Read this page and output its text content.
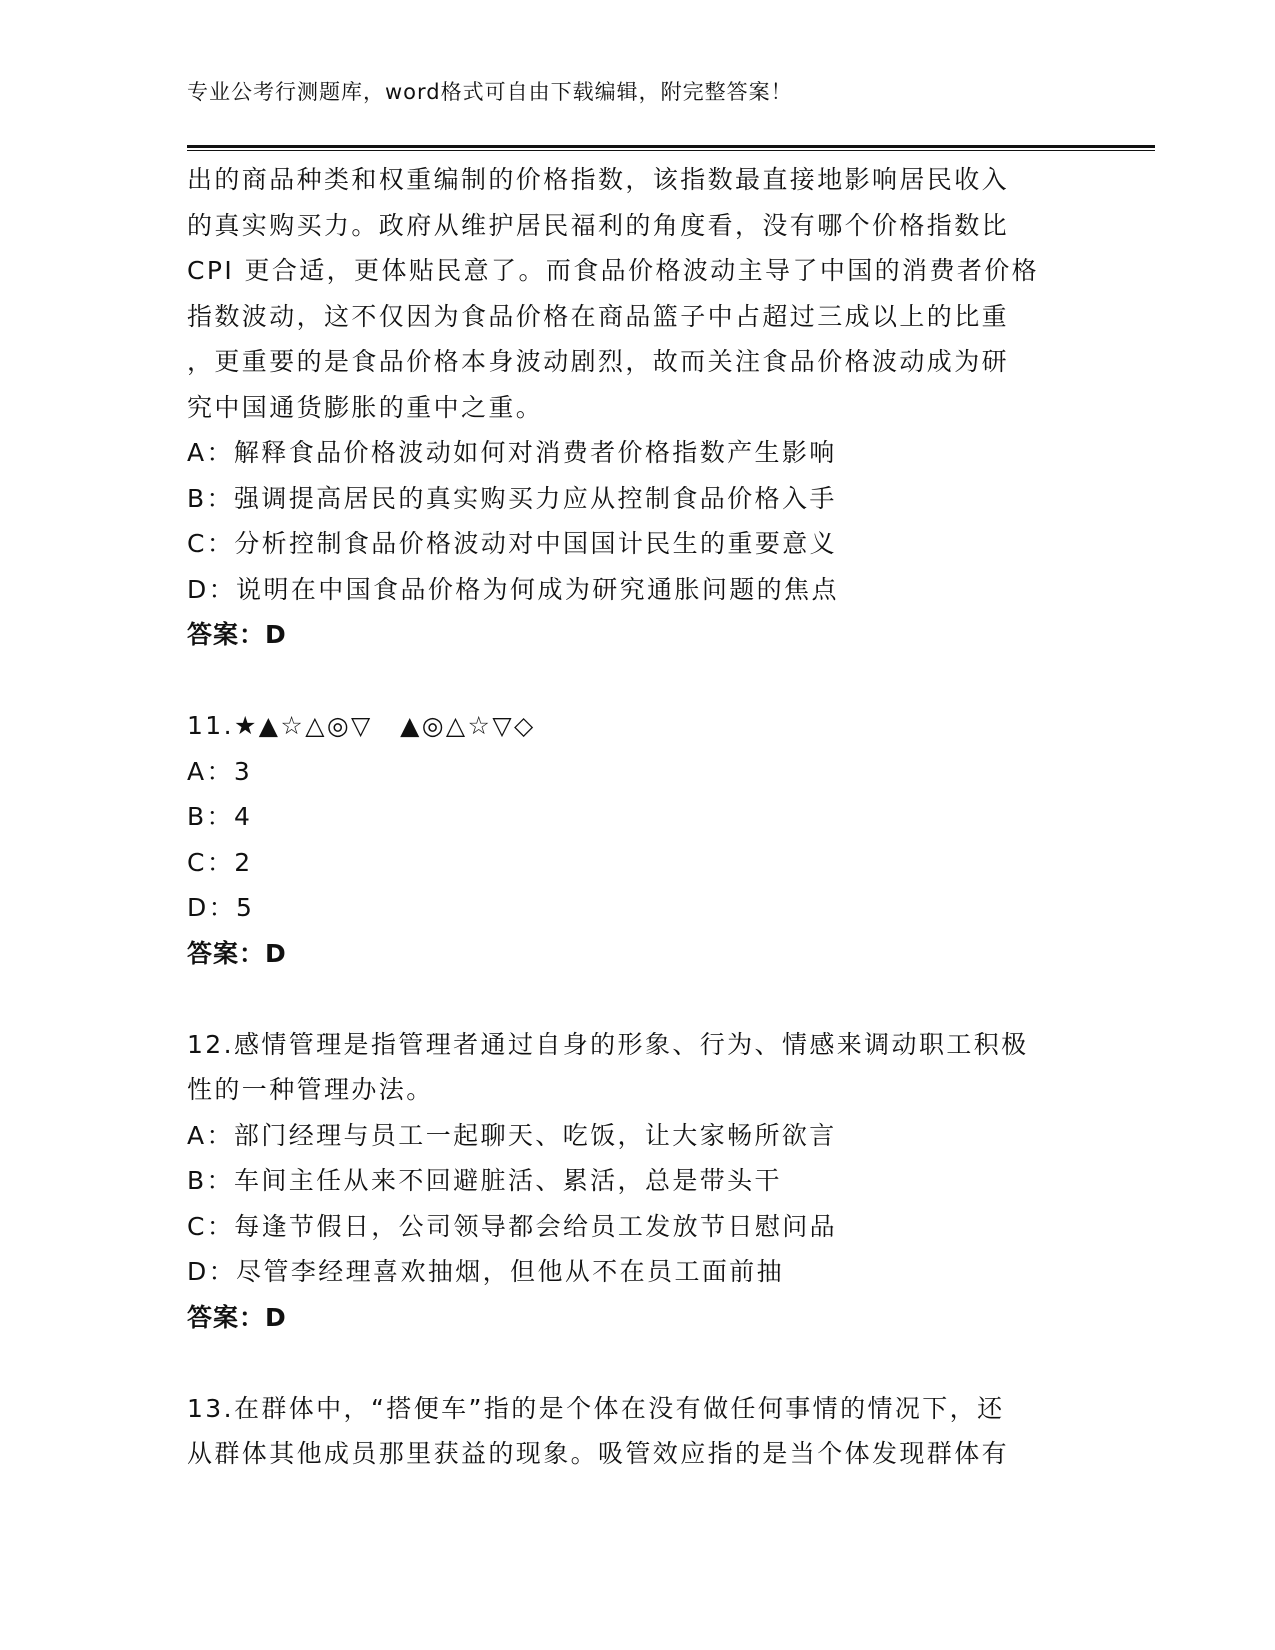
专业公考行测题库，word格式可自由下载编辑，附完整答案！
出的商品种类和权重编制的价格指数，该指数最直接地影响居民收入
的真实购买力。政府从维护居民福利的角度看，没有哪个价格指数比
CPI 更合适，更体贴民意了。而食品价格波动主导了中国的消费者价格
指数波动，这不仅因为食品价格在商品篮子中占超过三成以上的比重
，更重要的是食品价格本身波动剧烈，故而关注食品价格波动成为研
究中国通货膨胀的重中之重。
A：解释食品价格波动如何对消费者价格指数产生影响
B：强调提高居民的真实购买力应从控制食品价格入手
C：分析控制食品价格波动对中国国计民生的重要意义
D：说明在中国食品价格为何成为研究通胀问题的焦点
答案：D
11.★▲☆△◎▽　▲◎△☆▽◇
A：3
B：4
C：2
D：5
答案：D
12.感情管理是指管理者通过自身的形象、行为、情感来调动职工积极
性的一种管理办法。
A：部门经理与员工一起聊天、吃饭，让大家畅所欲言
B：车间主任从来不回避脏活、累活，总是带头干
C：每逢节假日，公司领导都会给员工发放节日慰问品
D：尽管李经理喜欢抽烟，但他从不在员工面前抽
答案：D
13.在群体中，“搭便车”指的是个体在没有做任何事情的情况下，还
从群体其他成员那里获益的现象。吸管效应指的是当个体发现群体有
